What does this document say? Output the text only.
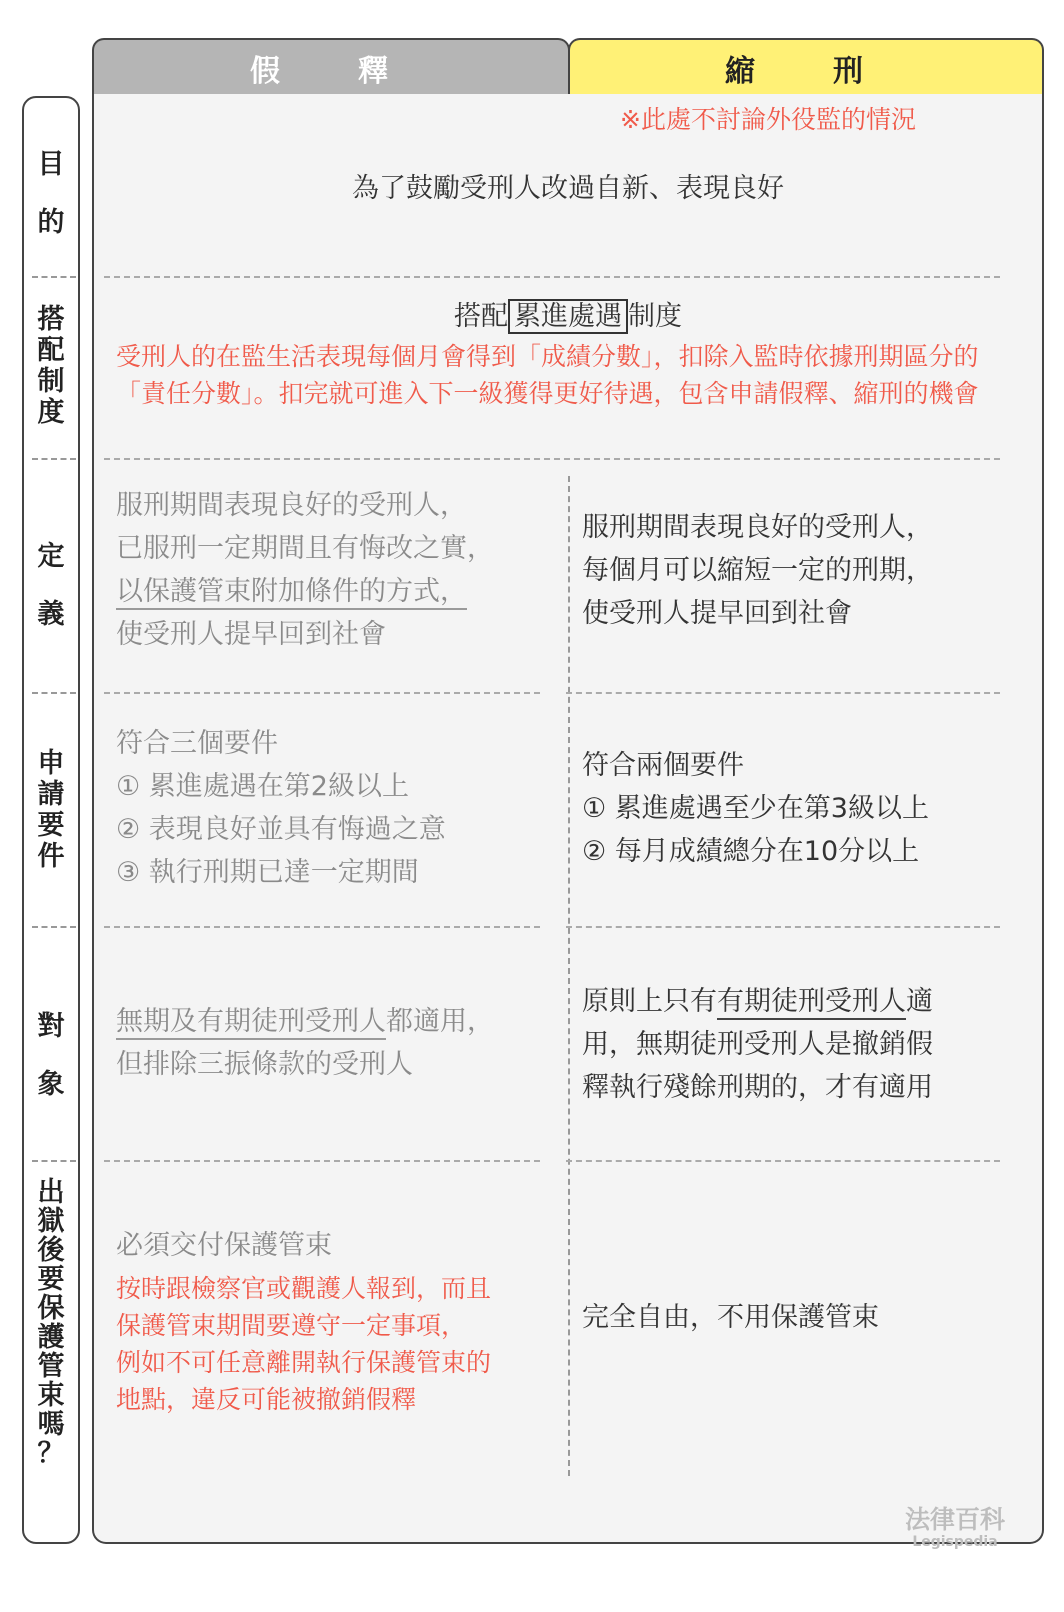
假　釋	縮　刑
目
的
搭
配
制
度
定
義
申
請
要
件
對
象
出
獄
後
要
保
護
管
束
嗎
？
※此處不討論外役監的情況
為了鼓勵受刑人改過自新、表現良好
搭配 累進處遇 制度
受刑人的在監生活表現每個月會得到「成績分數」，扣除入監時依據刑期區分的「責任分數」。扣完就可進入下一級獲得更好待遇，包含申請假釋、縮刑的機會
服刑期間表現良好的受刑人，
已服刑一定期間且有悔改之實，
以保護管束附加條件的方式，
使受刑人提早回到社會
服刑期間表現良好的受刑人，
每個月可以縮短一定的刑期，
使受刑人提早回到社會
符合三個要件
① 累進處遇在第2級以上
② 表現良好並具有悔過之意
③ 執行刑期已達一定期間
符合兩個要件
① 累進處遇至少在第3級以上
② 每月成績總分在10分以上
無期及有期徒刑受刑人都適用，
但排除三振條款的受刑人
原則上只有有期徒刑受刑人適
用，無期徒刑受刑人是撤銷假
釋執行殘餘刑期的，才有適用
必須交付保護管束
按時跟檢察官或觀護人報到，而且
保護管束期間要遵守一定事項，
例如不可任意離開執行保護管束的
地點，違反可能被撤銷假釋
完全自由，不用保護管束
法律百科
Legispedia
